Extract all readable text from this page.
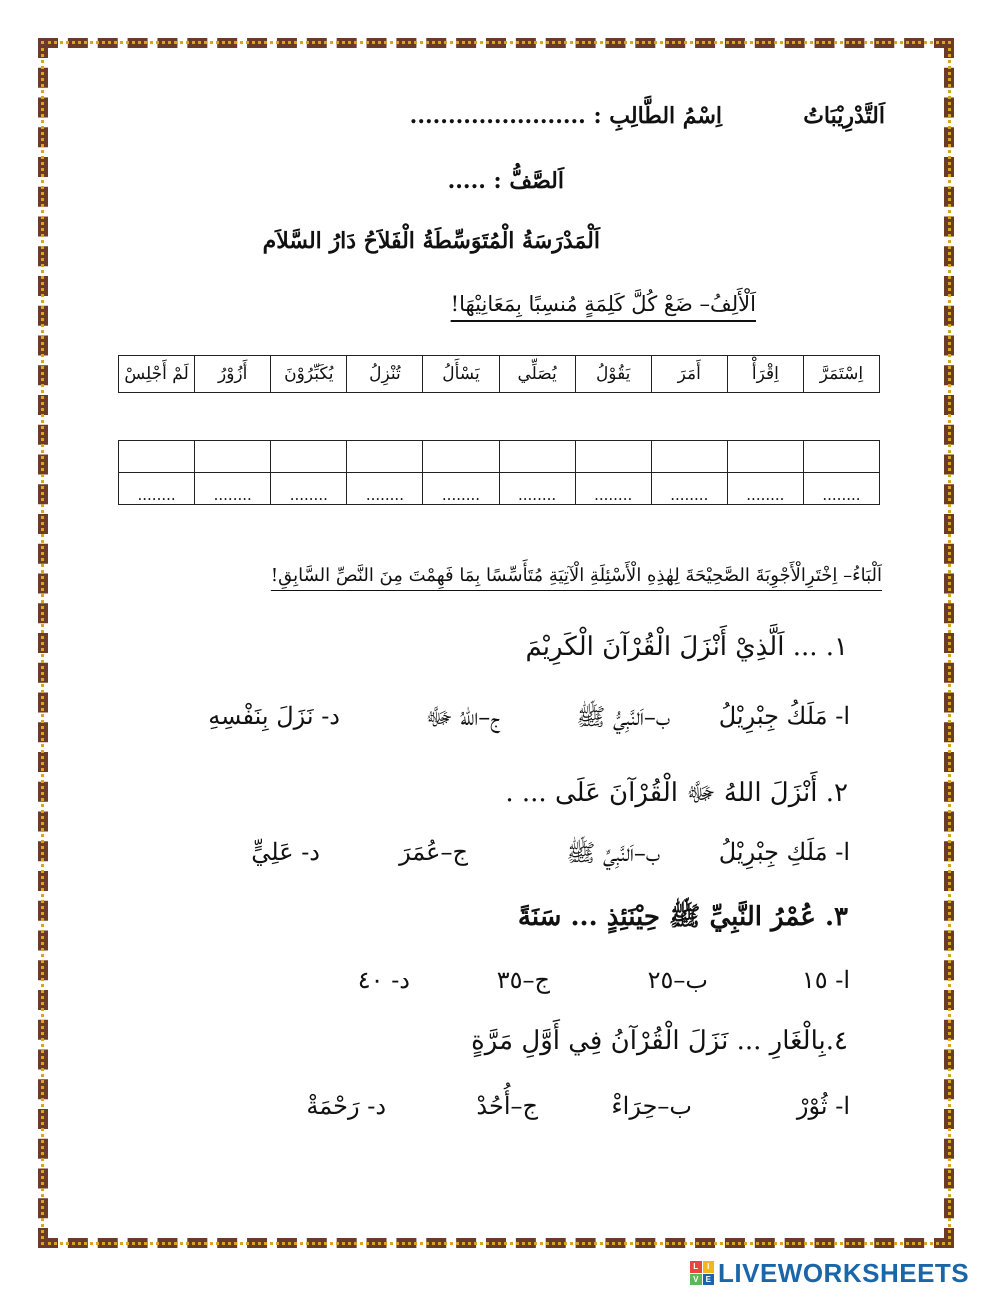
اَلتَّدْرِيْبَاتُ
اِسْمُ الطَّالِبِ : .......................
اَلصَّفُّ : .....
اَلْمَدْرَسَةُ الْمُتَوَسِّطَةُ الْفَلاَحُ دَارُ السَّلاَم
اَلْأَلِفُ– ضَعْ كُلَّ كَلِمَةٍ مُنسِبًا بِمَعَانِيْهَا!
اِسْتَمَرَّ	اِقْرَأْ	أَمَرَ	يَقُوْلُ	يُصَلِّي	يَسْأَلُ	تُنْزِلُ	يُكَبِّرُوْنَ	أَزُوْرُ	لَمْ أَجْلِسْ

........	........	........	........	........	........	........	........	........	........
اَلْبَاءُ– اِخْتَرِالْأَجْوِبَةَ الصَّحِيْحَةَ لِهٰذِهِ الْأَسْئِلَةِ الْآتِيَةِ مُتَأَسِّسًا بِمَا فَهِمْتَ مِنَ النَّصِّ السَّابِقِ!
١. ... اَلَّذِيْ أَنْزَلَ الْقُرْآنَ الْكَرِيْمَ
ا- مَلَكُ جِبْرِيْلُ
ب–اَلنَّبِيُّ ﷺ
ج–اللهُ ﷻ
د- نَزَلَ بِنَفْسِهِ
٢. أَنْزَلَ اللهُ ﷻ الْقُرْآنَ عَلَى ... .
ا- مَلَكِ جِبْرِيْلُ
ب–اَلنَّبِيِّ ﷺ
ج–عُمَرَ
د- عَلِيٍّ
٣. عُمْرُ النَّبِيِّ ﷺ حِيْنَئِذٍ ... سَنَةً
ا- ١٥
ب–٢٥
ج–٣٥
د- ٤٠
٤.بِالْغَارِ ... نَزَلَ الْقُرْآنُ فِي أَوَّلِ مَرَّةٍ
ا- ثُوْرْ
ب–حِرَاءْ
ج–أُحُدْ
د- رَحْمَةْ
L	I
V E LIVEWORKSHEETS
